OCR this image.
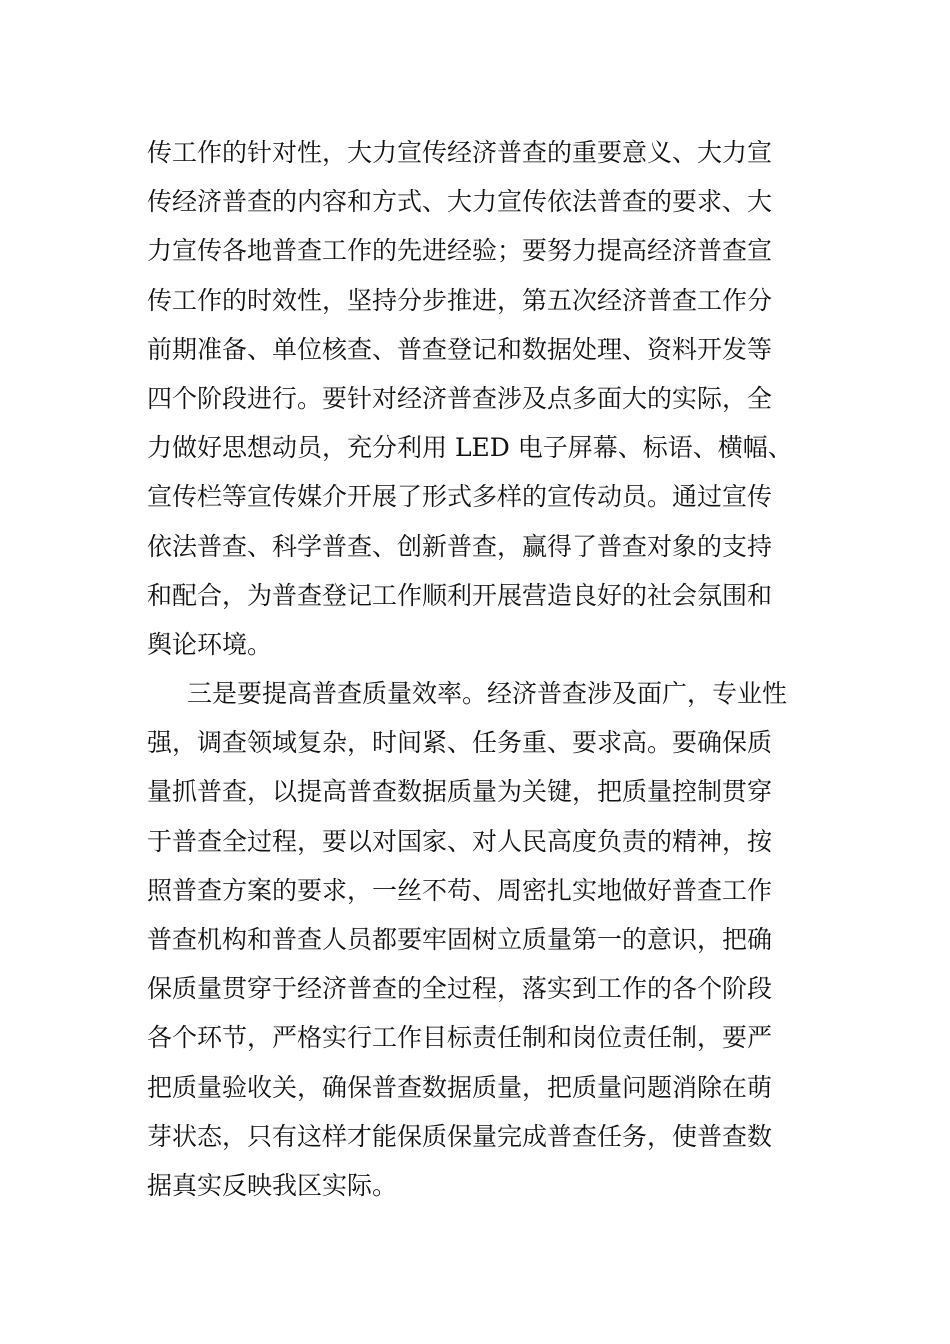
传工作的针对性，大力宣传经济普查的重要意义、大力宣
传经济普查的内容和方式、大力宣传依法普查的要求、大
力宣传各地普查工作的先进经验；要努力提高经济普查宣
传工作的时效性，坚持分步推进，第五次经济普查工作分
前期准备、单位核查、普查登记和数据处理、资料开发等
四个阶段进行。要针对经济普查涉及点多面大的实际，全
力做好思想动员，充分利用 LED 电子屏幕、标语、横幅、
宣传栏等宣传媒介开展了形式多样的宣传动员。通过宣传
依法普查、科学普查、创新普查，赢得了普查对象的支持
和配合，为普查登记工作顺利开展营造良好的社会氛围和
舆论环境。
三是要提高普查质量效率。经济普查涉及面广，专业性
强，调查领域复杂，时间紧、任务重、要求高。要确保质
量抓普查，以提高普查数据质量为关键，把质量控制贯穿
于普查全过程，要以对国家、对人民高度负责的精神，按
照普查方案的要求，一丝不苟、周密扎实地做好普查工作
普查机构和普查人员都要牢固树立质量第一的意识，把确
保质量贯穿于经济普查的全过程，落实到工作的各个阶段
各个环节，严格实行工作目标责任制和岗位责任制，要严
把质量验收关，确保普查数据质量，把质量问题消除在萌
芽状态，只有这样才能保质保量完成普查任务，使普查数
据真实反映我区实际。
